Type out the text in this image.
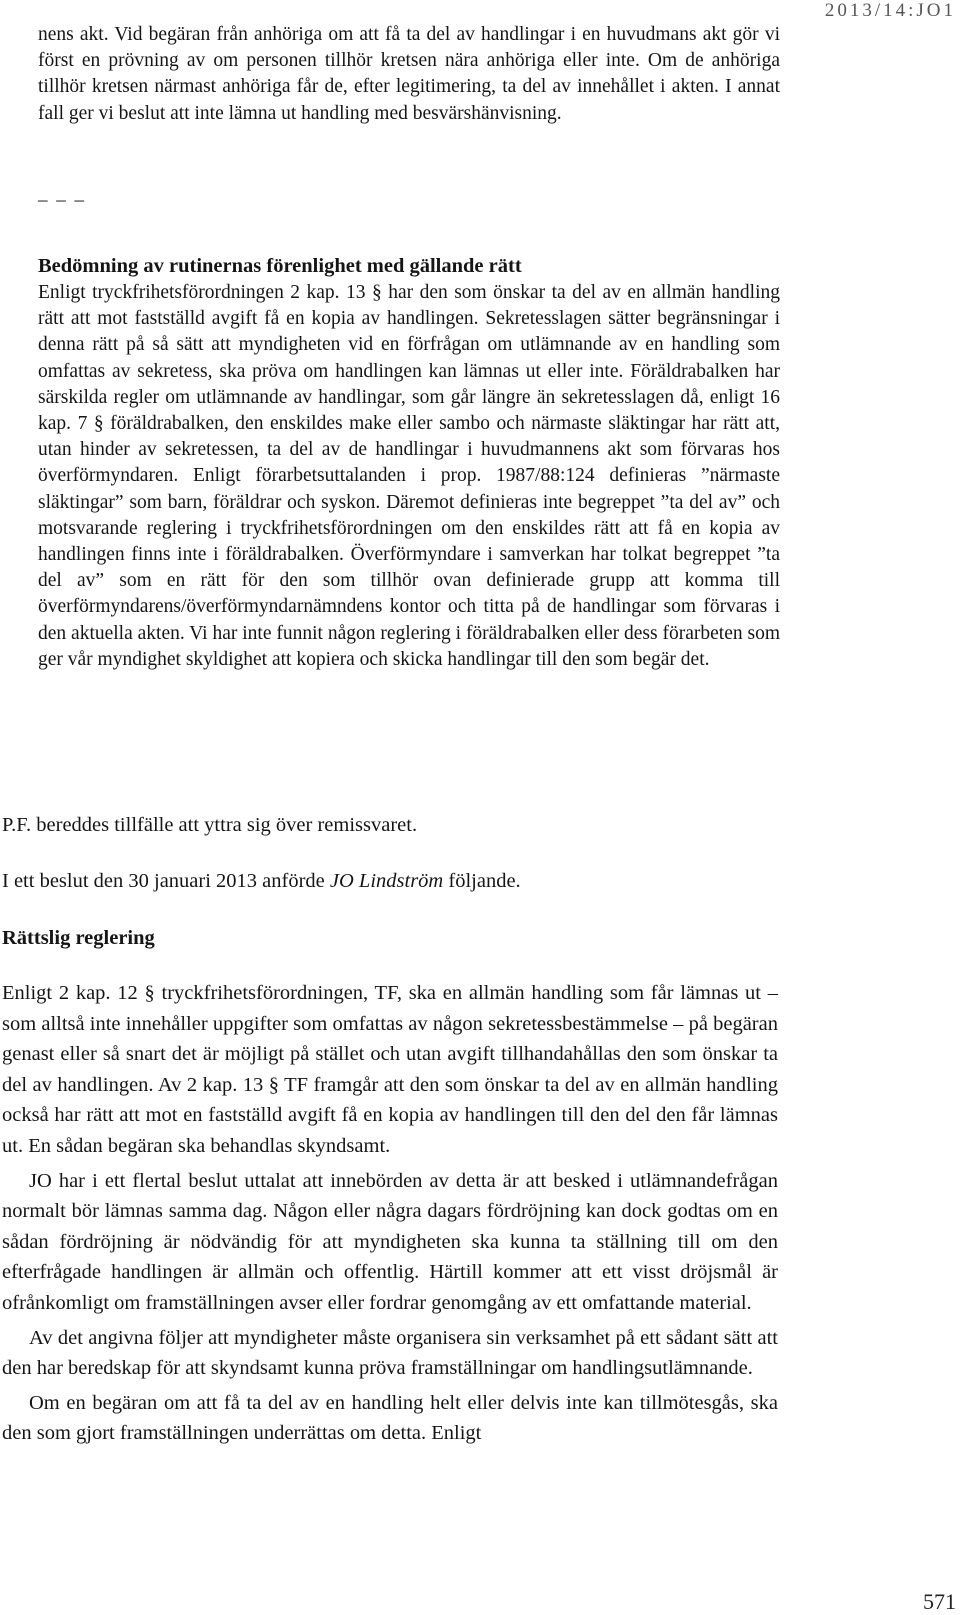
2013/14:JO1

nens akt. Vid begäran från anhöriga om att få ta del av handlingar i en huvudmans akt gör vi först en prövning av om personen tillhör kretsen nära anhöriga eller inte. Om de anhöriga tillhör kretsen närmast anhöriga får de, efter legitimering, ta del av innehållet i akten. I annat fall ger vi beslut att inte lämna ut handling med besvärshänvisning.

_ _ _
Bedömning av rutinernas förenlighet med gällande rätt

Enligt tryckfrihetsförordningen 2 kap. 13 § har den som önskar ta del av en allmän handling rätt att mot fastställd avgift få en kopia av handlingen. Sekretesslagen sätter begränsningar i denna rätt på så sätt att myndigheten vid en förfrågan om utlämnande av en handling som omfattas av sekretess, ska pröva om handlingen kan lämnas ut eller inte. Föräldrabalken har särskilda regler om utlämnande av handlingar, som går längre än sekretesslagen då, enligt 16 kap. 7 § föräldrabalken, den enskildes make eller sambo och närmaste släktingar har rätt att, utan hinder av sekretessen, ta del av de handlingar i huvudmannens akt som förvaras hos överförmyndaren. Enligt förarbetsuttalanden i prop. 1987/88:124 definieras ”närmaste släktingar” som barn, föräldrar och syskon. Däremot definieras inte begreppet ”ta del av” och motsvarande reglering i tryckfrihetsförordningen om den enskildes rätt att få en kopia av handlingen finns inte i föräldrabalken. Överförmyndare i samverkan har tolkat begreppet ”ta del av” som en rätt för den som tillhör ovan definierade grupp att komma till överförmyndarens/överförmyndarnämndens kontor och titta på de handlingar som förvaras i den aktuella akten. Vi har inte funnit någon reglering i föräldrabalken eller dess förarbeten som ger vår myndighet skyldighet att kopiera och skicka handlingar till den som begär det.

P.F. bereddes tillfälle att yttra sig över remissvaret.

I ett beslut den 30 januari 2013 anförde JO Lindström följande.

Rättslig reglering

Enligt 2 kap. 12 § tryckfrihetsförordningen, TF, ska en allmän handling som får lämnas ut – som alltså inte innehåller uppgifter som omfattas av någon sekretessbestämmelse – på begäran genast eller så snart det är möjligt på stället och utan avgift tillhandahållas den som önskar ta del av handlingen. Av 2 kap. 13 § TF framgår att den som önskar ta del av en allmän handling också har rätt att mot en fastställd avgift få en kopia av handlingen till den del den får lämnas ut. En sådan begäran ska behandlas skyndsamt.

JO har i ett flertal beslut uttalat att innebörden av detta är att besked i utlämnandefrågan normalt bör lämnas samma dag. Någon eller några dagars fördröjning kan dock godtas om en sådan fördröjning är nödvändig för att myndigheten ska kunna ta ställning till om den efterfrågade handlingen är allmän och offentlig. Härtill kommer att ett visst dröjsmål är ofrånkomligt om framställningen avser eller fordrar genomgång av ett omfattande material.

Av det angivna följer att myndigheter måste organisera sin verksamhet på ett sådant sätt att den har beredskap för att skyndsamt kunna pröva framställningar om handlingsutlämnande.

Om en begäran om att få ta del av en handling helt eller delvis inte kan tillmötesgås, ska den som gjort framställningen underrättas om detta. Enligt

571
